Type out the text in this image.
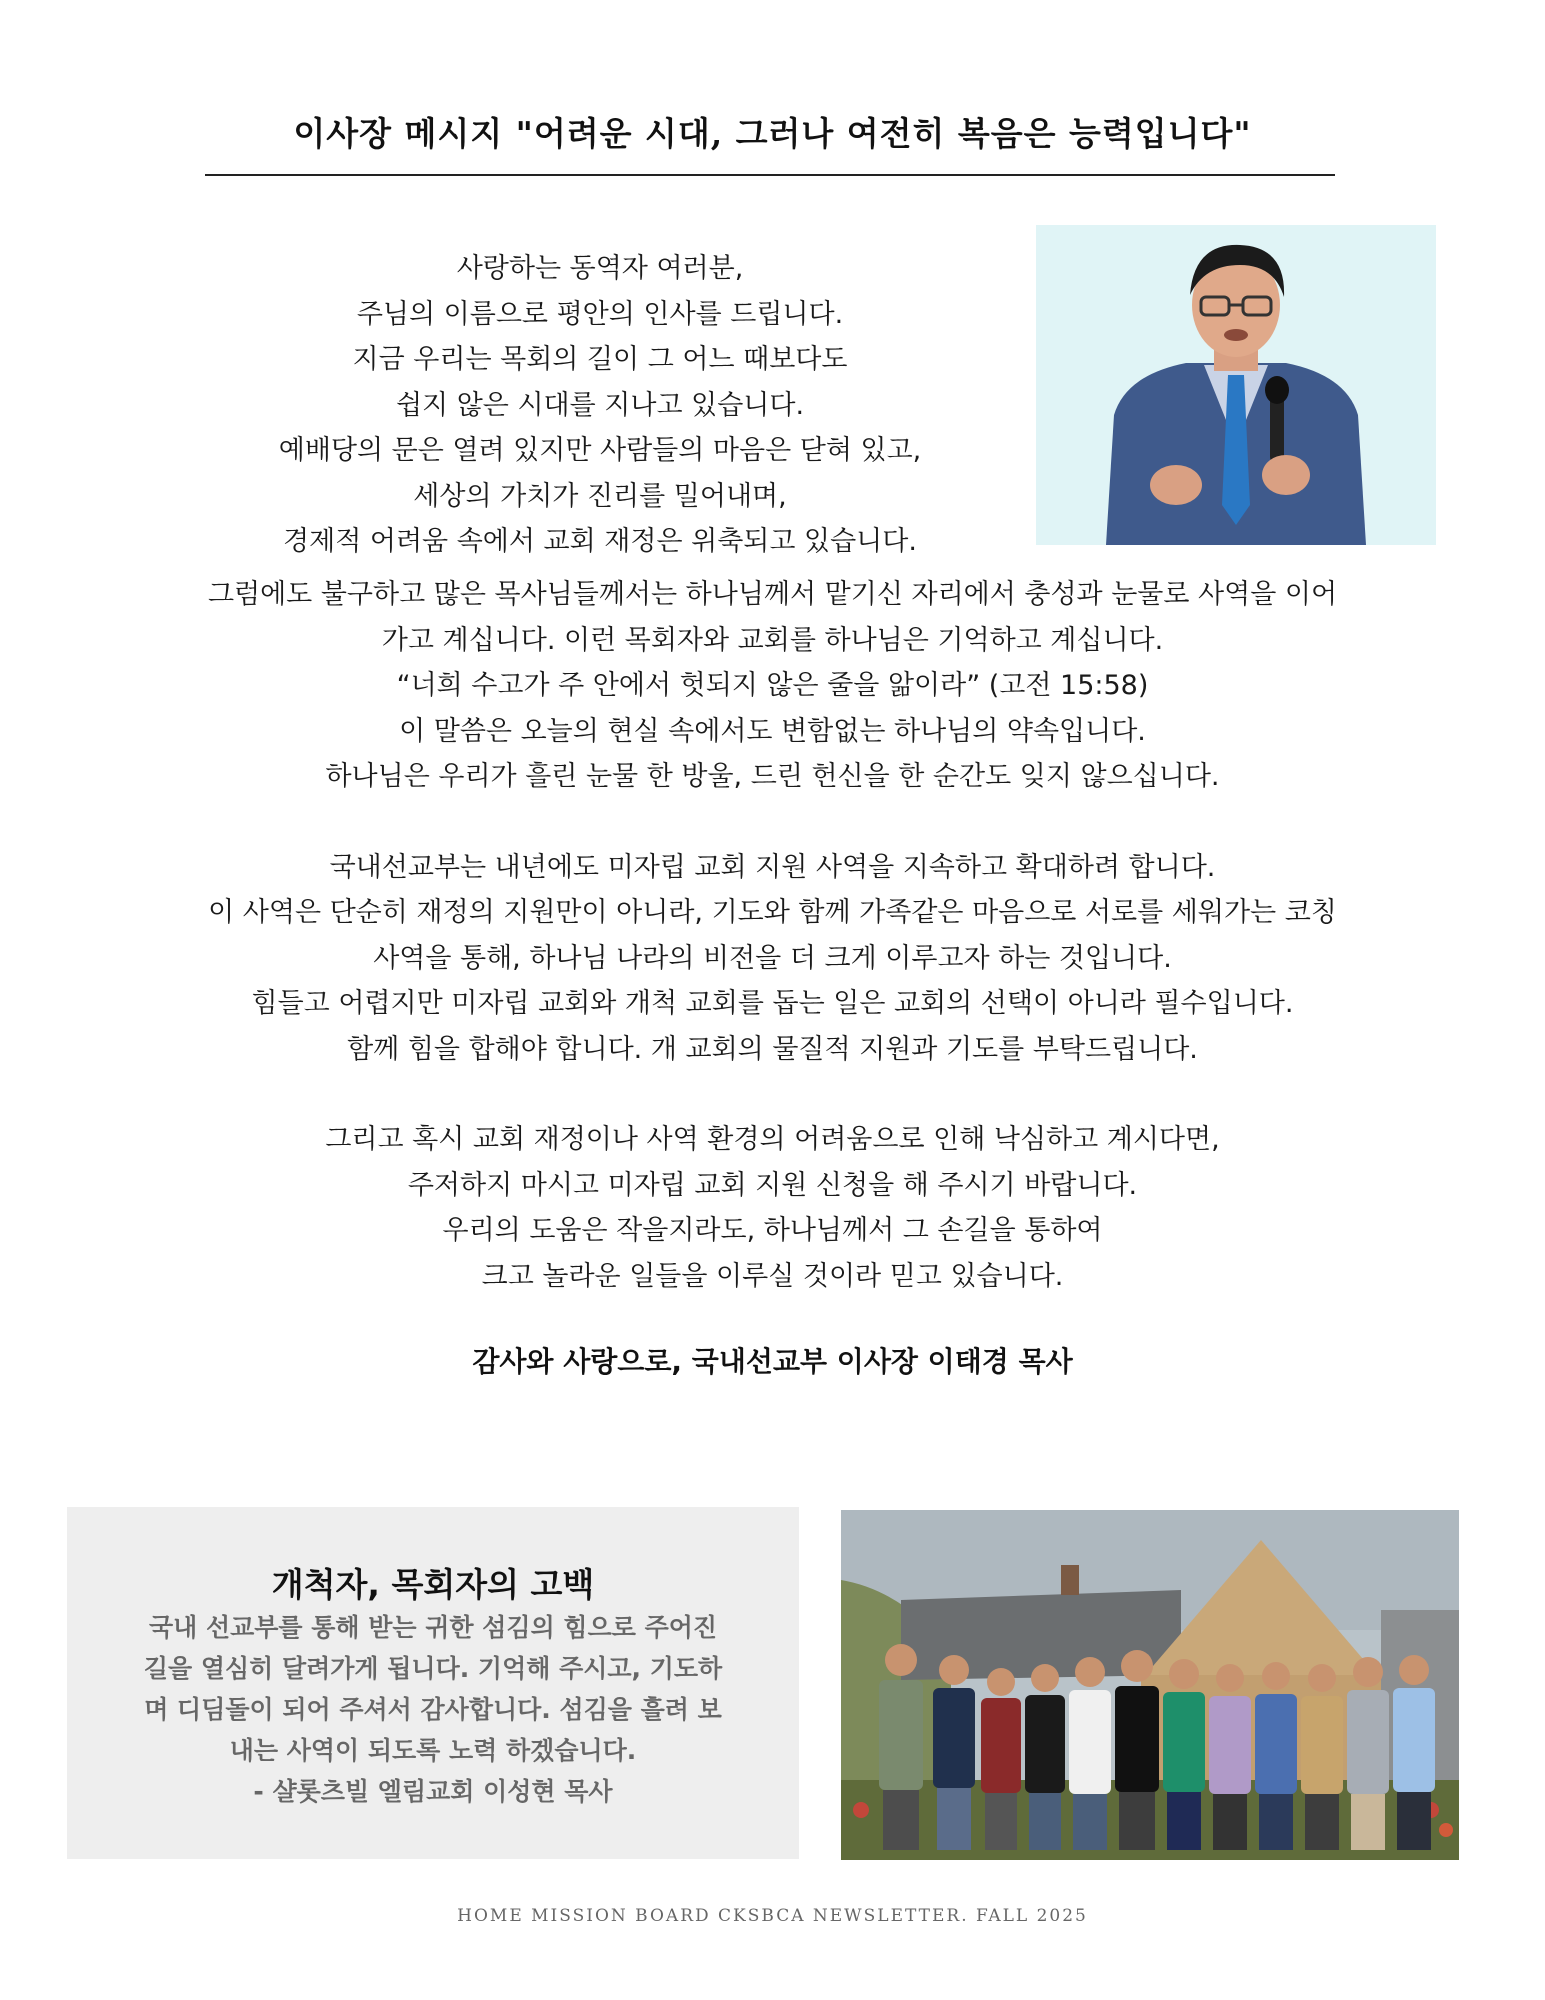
이사장 메시지 "어려운 시대, 그러나 여전히 복음은 능력입니다"

사랑하는 동역자 여러분,

주님의 이름으로 평안의 인사를 드립니다.

지금 우리는 목회의 길이 그 어느 때보다도

쉽지 않은 시대를 지나고 있습니다.

예배당의 문은 열려 있지만 사람들의 마음은 닫혀 있고,

세상의 가치가 진리를 밀어내며,

경제적 어려움 속에서 교회 재정은 위축되고 있습니다.

그럼에도 불구하고 많은 목사님들께서는 하나님께서 맡기신 자리에서 충성과 눈물로 사역을 이어

가고 계십니다. 이런 목회자와 교회를 하나님은 기억하고 계십니다.

“너희 수고가 주 안에서 헛되지 않은 줄을 앎이라” (고전 15:58)

이 말씀은 오늘의 현실 속에서도 변함없는 하나님의 약속입니다.

하나님은 우리가 흘린 눈물 한 방울, 드린 헌신을 한 순간도 잊지 않으십니다.

국내선교부는 내년에도 미자립 교회 지원 사역을 지속하고 확대하려 합니다.

이 사역은 단순히 재정의 지원만이 아니라, 기도와 함께 가족같은 마음으로 서로를 세워가는 코칭

사역을 통해, 하나님 나라의 비전을 더 크게 이루고자 하는 것입니다.

힘들고 어렵지만 미자립 교회와 개척 교회를 돕는 일은 교회의 선택이 아니라 필수입니다.

함께 힘을 합해야 합니다. 개 교회의 물질적 지원과 기도를 부탁드립니다.

그리고 혹시 교회 재정이나 사역 환경의 어려움으로 인해 낙심하고 계시다면,

주저하지 마시고 미자립 교회 지원 신청을 해 주시기 바랍니다.

우리의 도움은 작을지라도, 하나님께서 그 손길을 통하여

크고 놀라운 일들을 이루실 것이라 믿고 있습니다.

감사와 사랑으로, 국내선교부 이사장 이태경 목사
개척자, 목회자의 고백

국내 선교부를 통해 받는 귀한 섬김의 힘으로 주어진

길을 열심히 달려가게 됩니다. 기억해 주시고, 기도하

며 디딤돌이 되어 주셔서 감사합니다. 섬김을 흘려 보

내는 사역이 되도록 노력 하겠습니다.

- 샬롯츠빌 엘림교회 이성현 목사

HOME MISSION BOARD CKSBCA NEWSLETTER. FALL 2025
